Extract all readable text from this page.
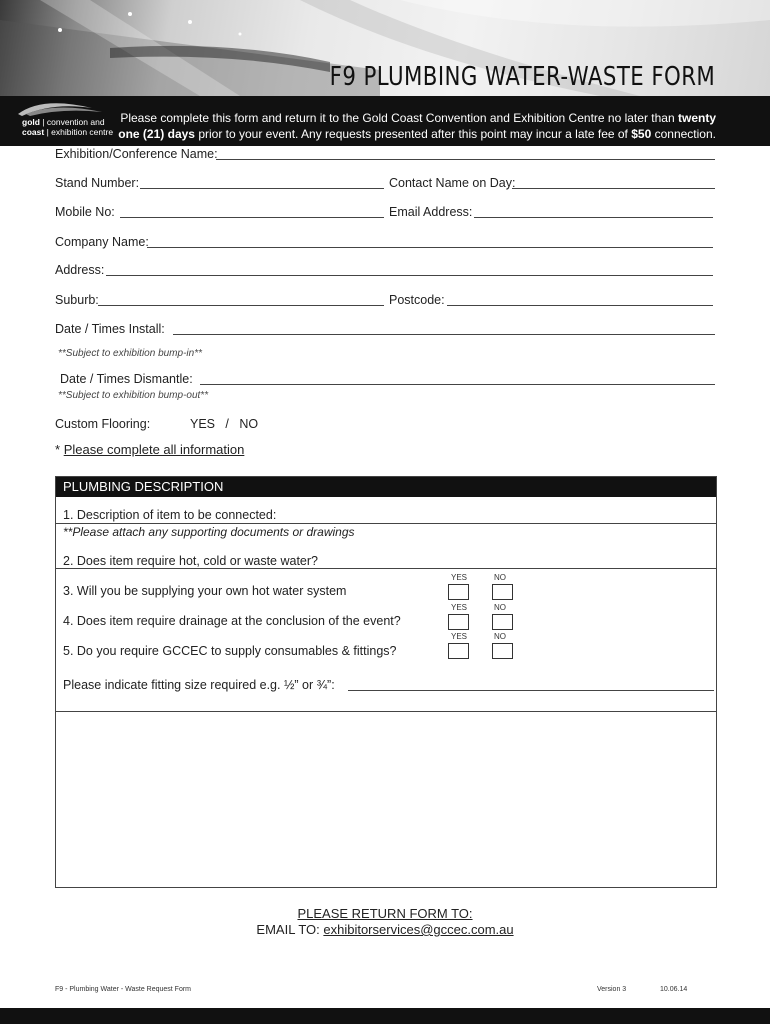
F9 PLUMBING WATER-WASTE FORM
gold | convention and
coast | exhibition centre
Please complete this form and return it to the Gold Coast Convention and Exhibition Centre no later than twenty one (21) days prior to your event. Any requests presented after this point may incur a late fee of $50 connection.
Exhibition/Conference Name:
Stand Number:	Contact Name on Day:
Mobile No:	Email Address:
Company Name:
Address:
Suburb:	Postcode:
Date / Times Install:
**Subject to exhibition bump-in**
Date / Times Dismantle:
**Subject to exhibition bump-out**
Custom Flooring:	YES   /   NO
* Please complete all information
PLUMBING DESCRIPTION
1. Description of item to be connected:
**Please attach any supporting documents or drawings
2. Does item require hot, cold or waste water?
YES	NO
3. Will you be supplying your own hot water system
YES	NO
4. Does item require drainage at the conclusion of the event?
YES	NO
5. Do you require GCCEC to supply consumables & fittings?
Please indicate fitting size required e.g. ½” or ¾”:
PLEASE RETURN FORM TO:
EMAIL TO: exhibitorservices@gccec.com.au
F9 - Plumbing Water - Waste Request Form	Version 3	10.06.14
